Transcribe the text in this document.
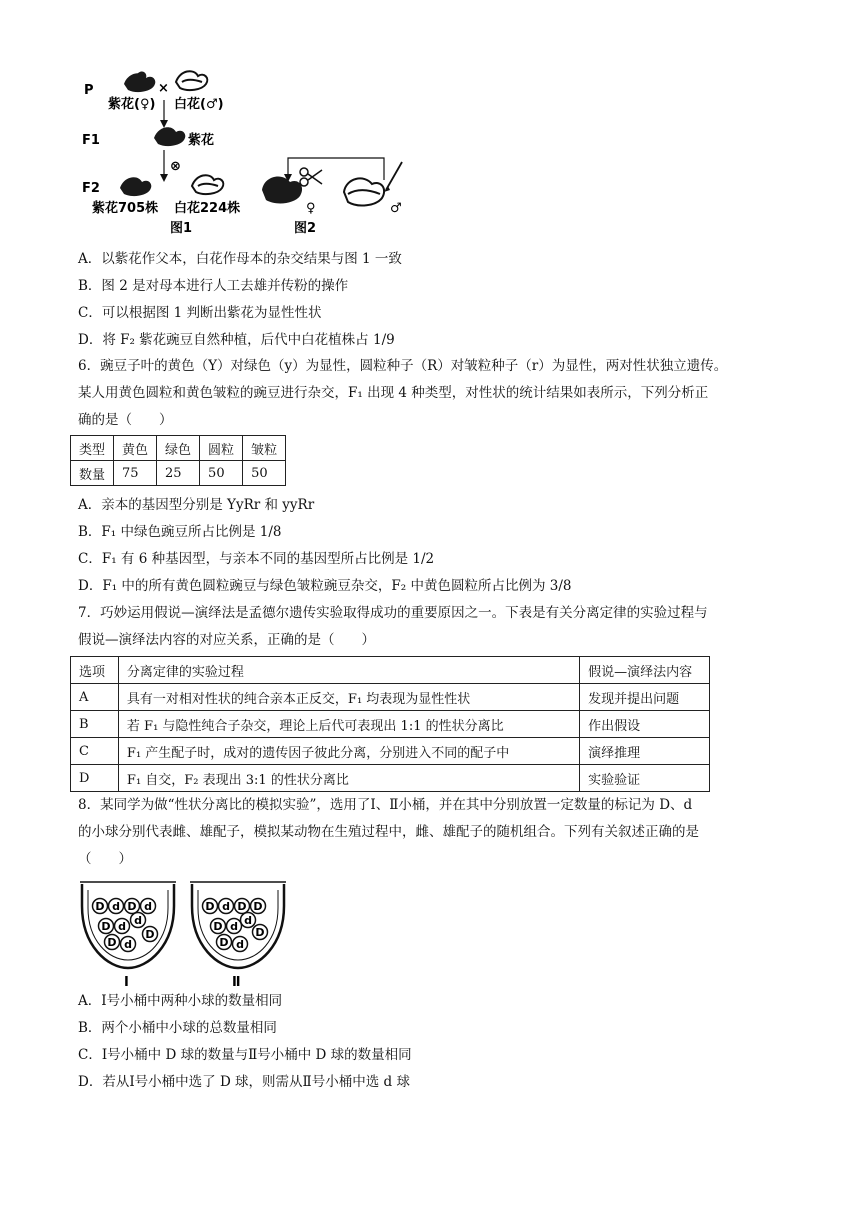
P	×
紫花(♀) 白花(♂)
F1	紫花
⊗
F2
紫花705株 白花224株
图1
♀	♂
图2
A．以紫花作父本，白花作母本的杂交结果与图 1 一致
B．图 2 是对母本进行人工去雄并传粉的操作
C．可以根据图 1 判断出紫花为显性性状
D．将 F₂ 紫花豌豆自然种植，后代中白花植株占 1/9
6．豌豆子叶的黄色（Y）对绿色（y）为显性，圆粒种子（R）对皱粒种子（r）为显性，两对性状独立遗传。
某人用黄色圆粒和黄色皱粒的豌豆进行杂交，F₁ 出现 4 种类型，对性状的统计结果如表所示，下列分析正
确的是（　　）
类型	黄色	绿色	圆粒	皱粒
数量	75	25	50	50
A．亲本的基因型分别是 YyRr 和 yyRr
B．F₁ 中绿色豌豆所占比例是 1/8
C．F₁ 有 6 种基因型，与亲本不同的基因型所占比例是 1/2
D．F₁ 中的所有黄色圆粒豌豆与绿色皱粒豌豆杂交，F₂ 中黄色圆粒所占比例为 3/8
7．巧妙运用假说—演绎法是孟德尔遗传实验取得成功的重要原因之一。下表是有关分离定律的实验过程与
假说—演绎法内容的对应关系，正确的是（　　）
选项	分离定律的实验过程	假说—演绎法内容
A	具有一对相对性状的纯合亲本正反交，F₁ 均表现为显性性状	发现并提出问题
B	若 F₁ 与隐性纯合子杂交，理论上后代可表现出 1:1 的性状分离比	作出假设
C	F₁ 产生配子时，成对的遗传因子彼此分离，分别进入不同的配子中	演绎推理
D	F₁ 自交，F₂ 表现出 3:1 的性状分离比	实验验证
8．某同学为做“性状分离比的模拟实验”，选用了Ⅰ、Ⅱ小桶，并在其中分别放置一定数量的标记为 D、d
的小球分别代表雌、雄配子，模拟某动物在生殖过程中，雌、雄配子的随机组合。下列有关叙述正确的是
（　　）
D d D d
d
D d
D
D d
Ⅰ
D d D D
d
D d D
D d
Ⅱ
A．Ⅰ号小桶中两种小球的数量相同
B．两个小桶中小球的总数量相同
C．Ⅰ号小桶中 D 球的数量与Ⅱ号小桶中 D 球的数量相同
D．若从Ⅰ号小桶中选了 D 球，则需从Ⅱ号小桶中选 d 球
